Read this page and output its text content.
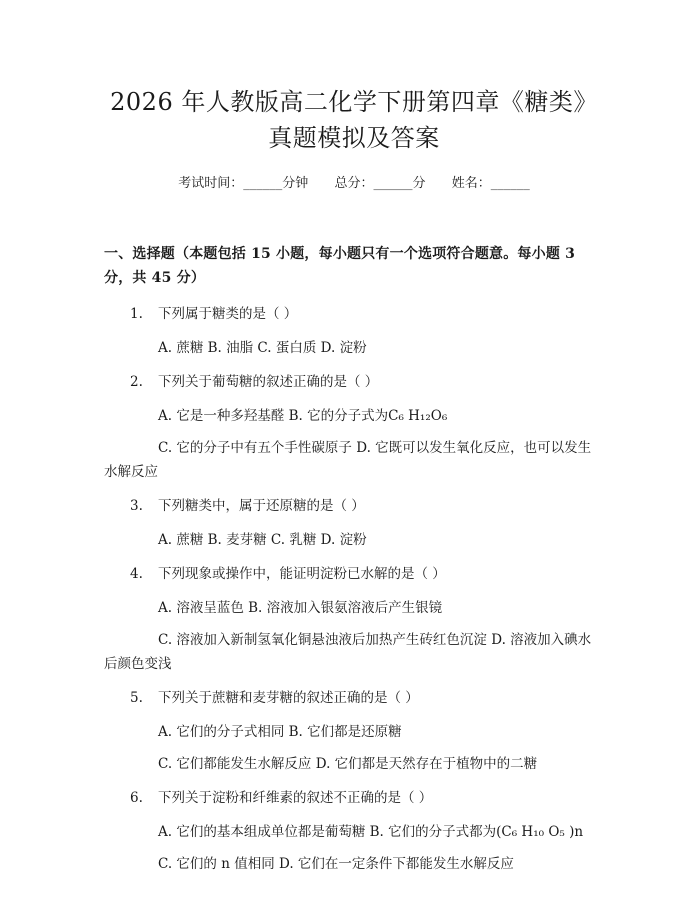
2026 年人教版高二化学下册第四章《糖类》
真题模拟及答案
考试时间：______分钟 总分：______分 姓名：______
一、选择题（本题包括 15 小题，每小题只有一个选项符合题意。每小题 3 分，共 45 分）
1.	下列属于糖类的是（ ）
A. 蔗糖 B. 油脂 C. 蛋白质 D. 淀粉
2.	下列关于葡萄糖的叙述正确的是（ ）
A. 它是一种多羟基醛 B. 它的分子式为C₆ H₁₂O₆
C. 它的分子中有五个手性碳原子 D. 它既可以发生氧化反应，也可以发生水解反应
3.	下列糖类中，属于还原糖的是（ ）
A. 蔗糖 B. 麦芽糖 C. 乳糖 D. 淀粉
4.	下列现象或操作中，能证明淀粉已水解的是（ ）
A. 溶液呈蓝色 B. 溶液加入银氨溶液后产生银镜
C. 溶液加入新制氢氧化铜悬浊液后加热产生砖红色沉淀 D. 溶液加入碘水后颜色变浅
5.	下列关于蔗糖和麦芽糖的叙述正确的是（ ）
A. 它们的分子式相同 B. 它们都是还原糖
C. 它们都能发生水解反应 D. 它们都是天然存在于植物中的二糖
6.	下列关于淀粉和纤维素的叙述不正确的是（ ）
A. 它们的基本组成单位都是葡萄糖 B. 它们的分子式都为(C₆ H₁₀ O₅ )n
C. 它们的 n 值相同 D. 它们在一定条件下都能发生水解反应
